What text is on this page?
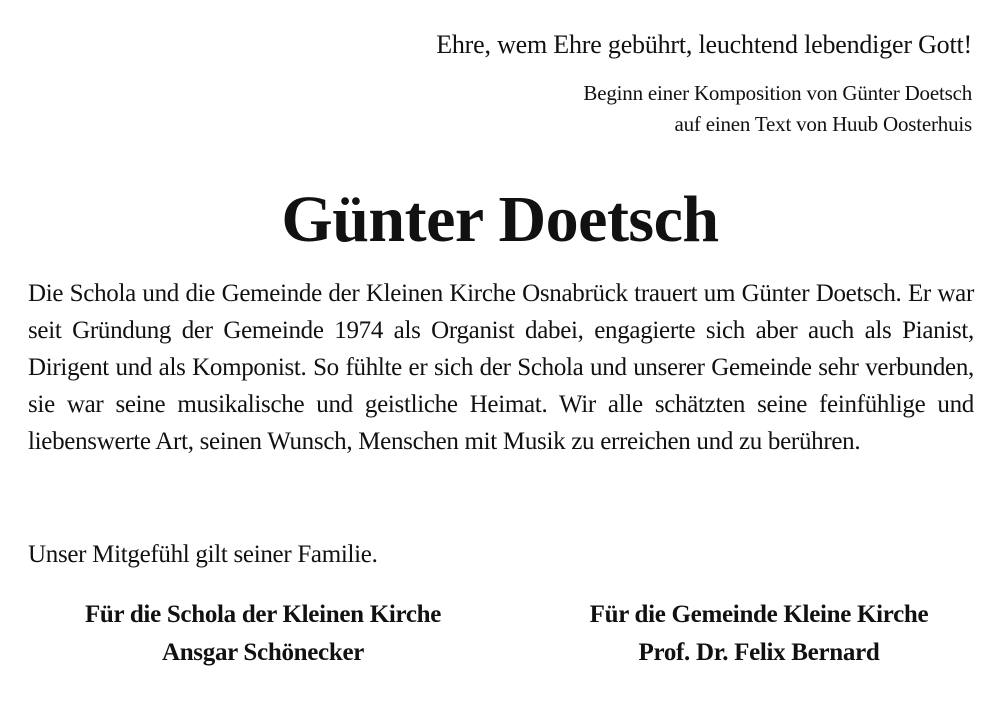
Ehre, wem Ehre gebührt, leuchtend lebendiger Gott!
Beginn einer Komposition von Günter Doetsch
auf einen Text von Huub Oosterhuis
Günter Doetsch

Die Schola und die Gemeinde der Kleinen Kirche Osnabrück trauert um Günter Doetsch. Er war seit Gründung der Gemeinde 1974 als Organist dabei, engagierte sich aber auch als Pianist, Dirigent und als Komponist. So fühlte er sich der Schola und unserer Gemeinde sehr verbunden, sie war seine musikalische und geistliche Heimat. Wir alle schätzten seine feinfühlige und liebenswerte Art, seinen Wunsch, Menschen mit Musik zu erreichen und zu berühren.

Unser Mitgefühl gilt seiner Familie.
Für die Schola der Kleinen Kirche
Ansgar Schönecker
Für die Gemeinde Kleine Kirche
Prof. Dr. Felix Bernard
